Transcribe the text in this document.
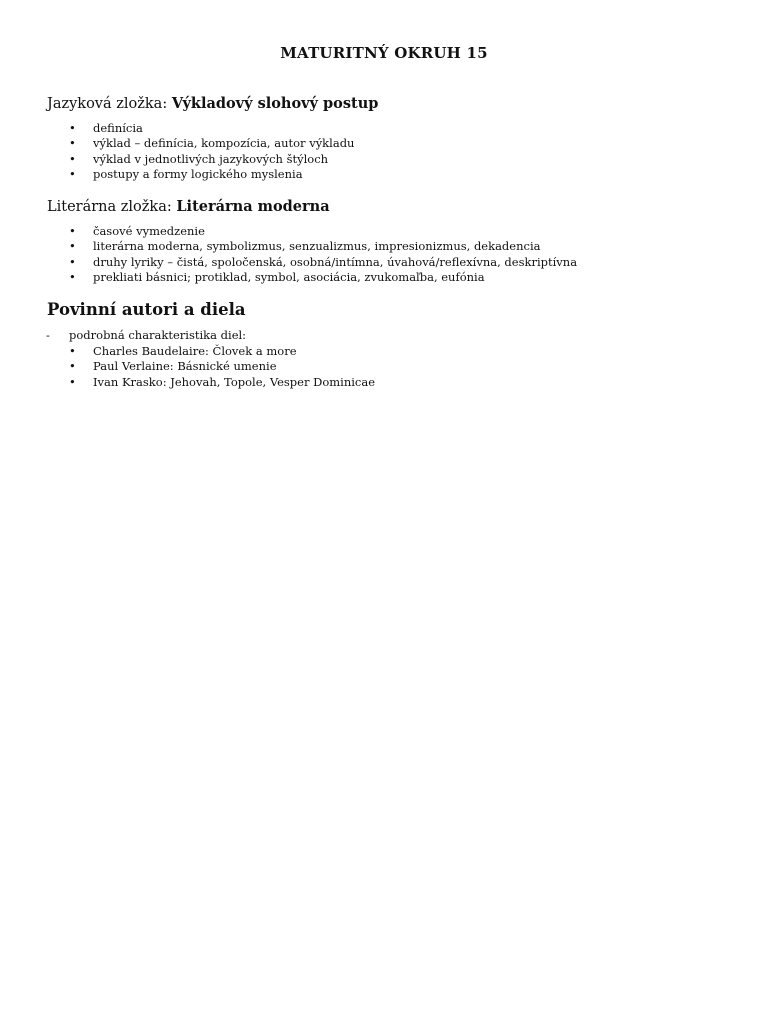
MATURITNÝ OKRUH 15
Jazyková zložka: Výkladový slohový postup
• definícia
• výklad – definícia, kompozícia, autor výkladu
• výklad v jednotlivých jazykových štýloch
• postupy a formy logického myslenia
Literárna zložka: Literárna moderna
• časové vymedzenie
• literárna moderna, symbolizmus, senzualizmus, impresionizmus, dekadencia
• druhy lyriky – čistá, spoločenská, osobná/intímna, úvahová/reflexívna, deskriptívna
• prekliati básnici; protiklad, symbol, asociácia, zvukomaľba, eufónia
Povinní autori a diela
- podrobná charakteristika diel:
• Charles Baudelaire: Človek a more
• Paul Verlaine: Básnické umenie
• Ivan Krasko: Jehovah, Topole, Vesper Dominicae
